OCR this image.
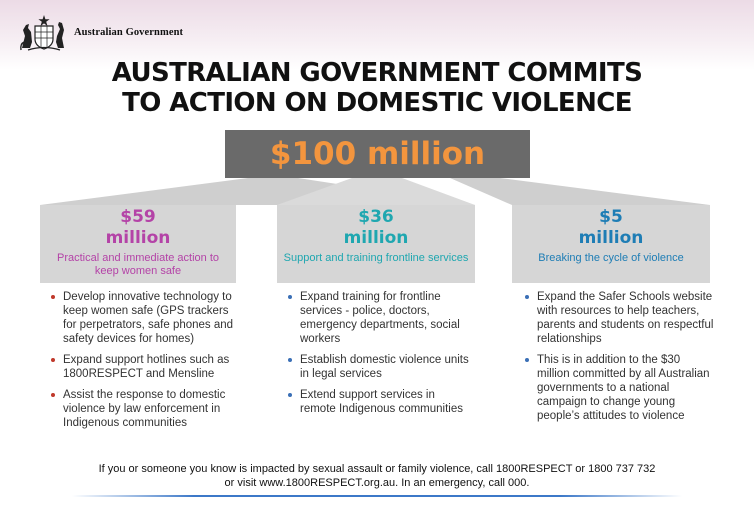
Australian Government
AUSTRALIAN GOVERNMENT COMMITS
TO ACTION ON DOMESTIC VIOLENCE
$100 million
$59
million
Practical and immediate action to keep women safe
$36
million
Support and training frontline services
$5
million
Breaking the cycle of violence
Develop innovative technology to keep women safe (GPS trackers for perpetrators, safe phones and safety devices for homes)
Expand support hotlines such as 1800RESPECT and Mensline
Assist the response to domestic violence by law enforcement in Indigenous communities
Expand training for frontline services - police, doctors, emergency departments, social workers
Establish domestic violence units in legal services
Extend support services in remote Indigenous communities
Expand the Safer Schools website with resources to help teachers, parents and students on respectful relationships
This is in addition to the $30 million committed by all Australian governments to a national campaign to change young people’s attitudes to violence
If you or someone you know is impacted by sexual assault or family violence, call 1800RESPECT or 1800 737 732
or visit www.1800RESPECT.org.au. In an emergency, call 000.
